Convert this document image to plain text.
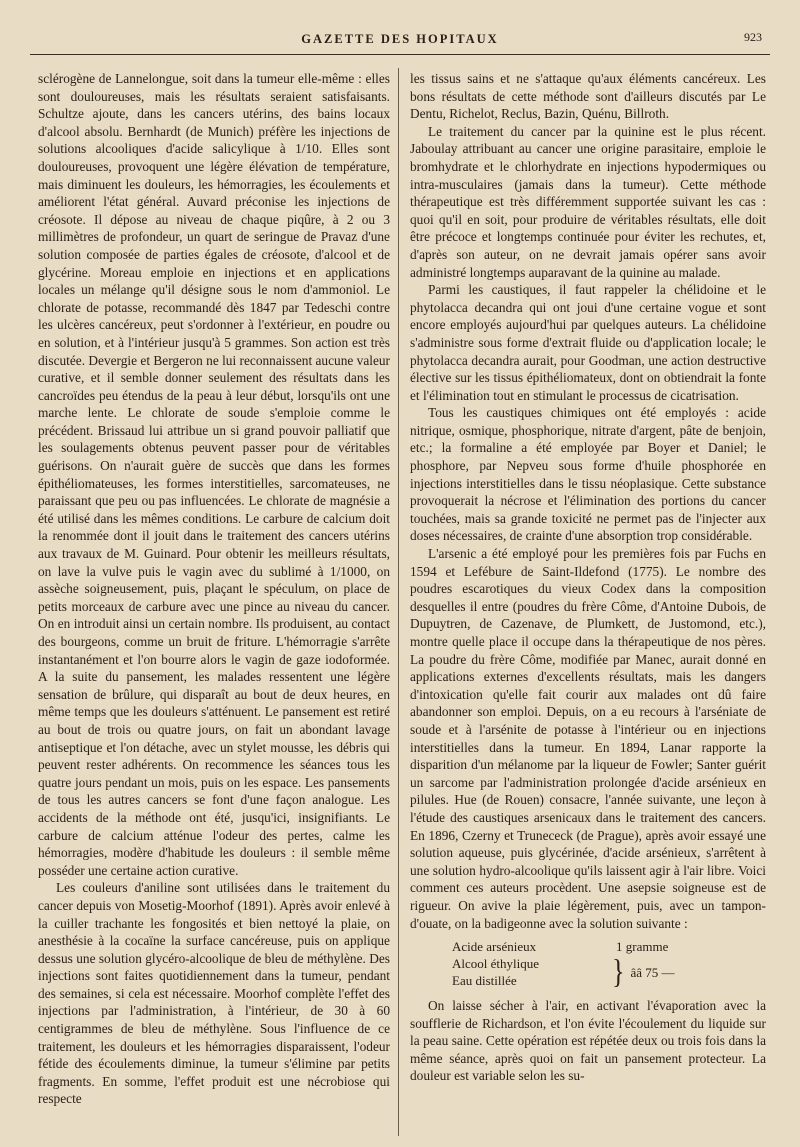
GAZETTE DES HOPITAUX	923

sclérogène de Lannelongue, soit dans la tumeur elle-même : elles sont douloureuses, mais les résultats seraient satisfaisants. Schultze ajoute, dans les cancers utérins, des bains locaux d'alcool absolu. Bernhardt (de Munich) préfère les injections de solutions alcooliques d'acide salicylique à 1/10. Elles sont douloureuses, provoquent une légère élévation de température, mais diminuent les douleurs, les hémorragies, les écoulements et améliorent l'état général. Auvard préconise les injections de créosote. Il dépose au niveau de chaque piqûre, à 2 ou 3 millimètres de profondeur, un quart de seringue de Pravaz d'une solution composée de parties égales de créosote, d'alcool et de glycérine. Moreau emploie en injections et en applications locales un mélange qu'il désigne sous le nom d'ammoniol. Le chlorate de potasse, recommandé dès 1847 par Tedeschi contre les ulcères cancéreux, peut s'ordonner à l'extérieur, en poudre ou en solution, et à l'intérieur jusqu'à 5 grammes. Son action est très discutée. Devergie et Bergeron ne lui reconnaissent aucune valeur curative, et il semble donner seulement des résultats dans les cancroïdes peu étendus de la peau à leur début, lorsqu'ils ont une marche lente. Le chlorate de soude s'emploie comme le précédent. Brissaud lui attribue un si grand pouvoir palliatif que les soulagements obtenus peuvent passer pour de véritables guérisons. On n'aurait guère de succès que dans les formes épithéliomateuses, les formes interstitielles, sarcomateuses, ne paraissant que peu ou pas influencées. Le chlorate de magnésie a été utilisé dans les mêmes conditions. Le carbure de calcium doit la renommée dont il jouit dans le traitement des cancers utérins aux travaux de M. Guinard. Pour obtenir les meilleurs résultats, on lave la vulve puis le vagin avec du sublimé à 1/1000, on assèche soigneusement, puis, plaçant le spéculum, on place de petits morceaux de carbure avec une pince au niveau du cancer. On en introduit ainsi un certain nombre. Ils produisent, au contact des bourgeons, comme un bruit de friture. L'hémorragie s'arrête instantanément et l'on bourre alors le vagin de gaze iodoformée. A la suite du pansement, les malades ressentent une légère sensation de brûlure, qui disparaît au bout de deux heures, en même temps que les douleurs s'atténuent. Le pansement est retiré au bout de trois ou quatre jours, on fait un abondant lavage antiseptique et l'on détache, avec un stylet mousse, les débris qui peuvent rester adhérents. On recommence les séances tous les quatre jours pendant un mois, puis on les espace. Les pansements de tous les autres cancers se font d'une façon analogue. Les accidents de la méthode ont été, jusqu'ici, insignifiants. Le carbure de calcium atténue l'odeur des pertes, calme les hémorragies, modère d'habitude les douleurs : il semble même posséder une certaine action curative.

Les couleurs d'aniline sont utilisées dans le traitement du cancer depuis von Mosetig-Moorhof (1891). Après avoir enlevé à la cuiller trachante les fongosités et bien nettoyé la plaie, on anesthésie à la cocaïne la surface cancéreuse, puis on applique dessus une solution glycéro-alcoolique de bleu de méthylène. Des injections sont faites quotidiennement dans la tumeur, pendant des semaines, si cela est nécessaire. Moorhof complète l'effet des injections par l'administration, à l'intérieur, de 30 à 60 centigrammes de bleu de méthylène. Sous l'influence de ce traitement, les douleurs et les hémorragies disparaissent, l'odeur fétide des écoulements diminue, la tumeur s'élimine par petits fragments. En somme, l'effet produit est une nécrobiose qui respecte

les tissus sains et ne s'attaque qu'aux éléments cancéreux. Les bons résultats de cette méthode sont d'ailleurs discutés par Le Dentu, Richelot, Reclus, Bazin, Quénu, Billroth.

Le traitement du cancer par la quinine est le plus récent. Jaboulay attribuant au cancer une origine parasitaire, emploie le bromhydrate et le chlorhydrate en injections hypodermiques ou intra-musculaires (jamais dans la tumeur). Cette méthode thérapeutique est très différemment supportée suivant les cas : quoi qu'il en soit, pour produire de véritables résultats, elle doit être précoce et longtemps continuée pour éviter les rechutes, et, d'après son auteur, on ne devrait jamais opérer sans avoir administré longtemps auparavant de la quinine au malade.

Parmi les caustiques, il faut rappeler la chélidoine et le phytolacca decandra qui ont joui d'une certaine vogue et sont encore employés aujourd'hui par quelques auteurs. La chélidoine s'administre sous forme d'extrait fluide ou d'application locale; le phytolacca decandra aurait, pour Goodman, une action destructive élective sur les tissus épithéliomateux, dont on obtiendrait la fonte et l'élimination tout en stimulant le processus de cicatrisation.

Tous les caustiques chimiques ont été employés : acide nitrique, osmique, phosphorique, nitrate d'argent, pâte de benjoin, etc.; la formaline a été employée par Boyer et Daniel; le phosphore, par Nepveu sous forme d'huile phosphorée en injections interstitielles dans le tissu néoplasique. Cette substance provoquerait la nécrose et l'élimination des portions du cancer touchées, mais sa grande toxicité ne permet pas de l'injecter aux doses nécessaires, de crainte d'une absorption trop considérable.

L'arsenic a été employé pour les premières fois par Fuchs en 1594 et Lefébure de Saint-Ildefond (1775). Le nombre des poudres escarotiques du vieux Codex dans la composition desquelles il entre (poudres du frère Côme, d'Antoine Dubois, de Dupuytren, de Cazenave, de Plumkett, de Justomond, etc.), montre quelle place il occupe dans la thérapeutique de nos pères. La poudre du frère Côme, modifiée par Manec, aurait donné en applications externes d'excellents résultats, mais les dangers d'intoxication qu'elle fait courir aux malades ont dû faire abandonner son emploi. Depuis, on a eu recours à l'arséniate de soude et à l'arsénite de potasse à l'intérieur ou en injections interstitielles dans la tumeur. En 1894, Lanar rapporte la disparition d'un mélanome par la liqueur de Fowler; Santer guérit un sarcome par l'administration prolongée d'acide arsénieux en pilules. Hue (de Rouen) consacre, l'année suivante, une leçon à l'étude des caustiques arsenicaux dans le traitement des cancers. En 1896, Czerny et Trunececk (de Prague), après avoir essayé une solution aqueuse, puis glycérinée, d'acide arsénieux, s'arrêtent à une solution hydro-alcoolique qu'ils laissent agir à l'air libre. Voici comment ces auteurs procèdent. Une asepsie soigneuse est de rigueur. On avive la plaie légèrement, puis, avec un tampon-d'ouate, on la badigeonne avec la solution suivante :

Acide arsénieux	1 gramme
Alcool éthylique
Eau distillée	} ââ 75 —

On laisse sécher à l'air, en activant l'évaporation avec la soufflerie de Richardson, et l'on évite l'écoulement du liquide sur la peau saine. Cette opération est répétée deux ou trois fois dans la même séance, après quoi on fait un pansement protecteur. La douleur est variable selon les su-
